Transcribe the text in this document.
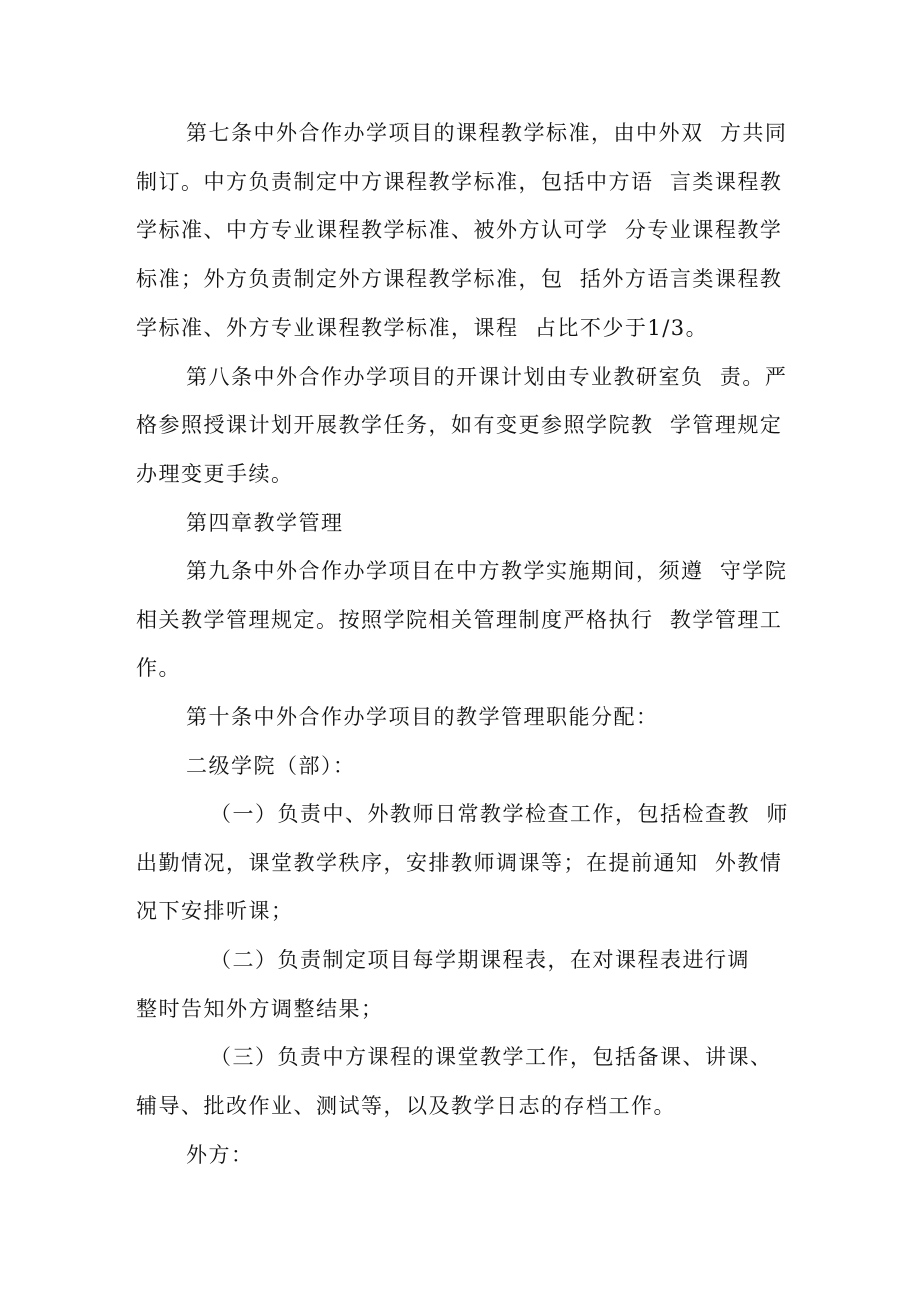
第七条中外合作办学项目的课程教学标准，由中外双  方共同
制订。中方负责制定中方课程教学标准，包括中方语  言类课程教
学标准、中方专业课程教学标准、被外方认可学  分专业课程教学
标准；外方负责制定外方课程教学标准，包  括外方语言类课程教
学标准、外方专业课程教学标准，课程  占比不少于1/3。
第八条中外合作办学项目的开课计划由专业教研室负  责。严
格参照授课计划开展教学任务，如有变更参照学院教  学管理规定
办理变更手续。
第四章教学管理
第九条中外合作办学项目在中方教学实施期间，须遵  守学院
相关教学管理规定。按照学院相关管理制度严格执行  教学管理工
作。
第十条中外合作办学项目的教学管理职能分配：
二级学院（部）：
（一）负责中、外教师日常教学检查工作，包括检查教  师
出勤情况，课堂教学秩序，安排教师调课等；在提前通知  外教情
况下安排听课；
（二）负责制定项目每学期课程表，在对课程表进行调
整时告知外方调整结果；
（三）负责中方课程的课堂教学工作，包括备课、讲课、
辅导、批改作业、测试等，以及教学日志的存档工作。
外方：
